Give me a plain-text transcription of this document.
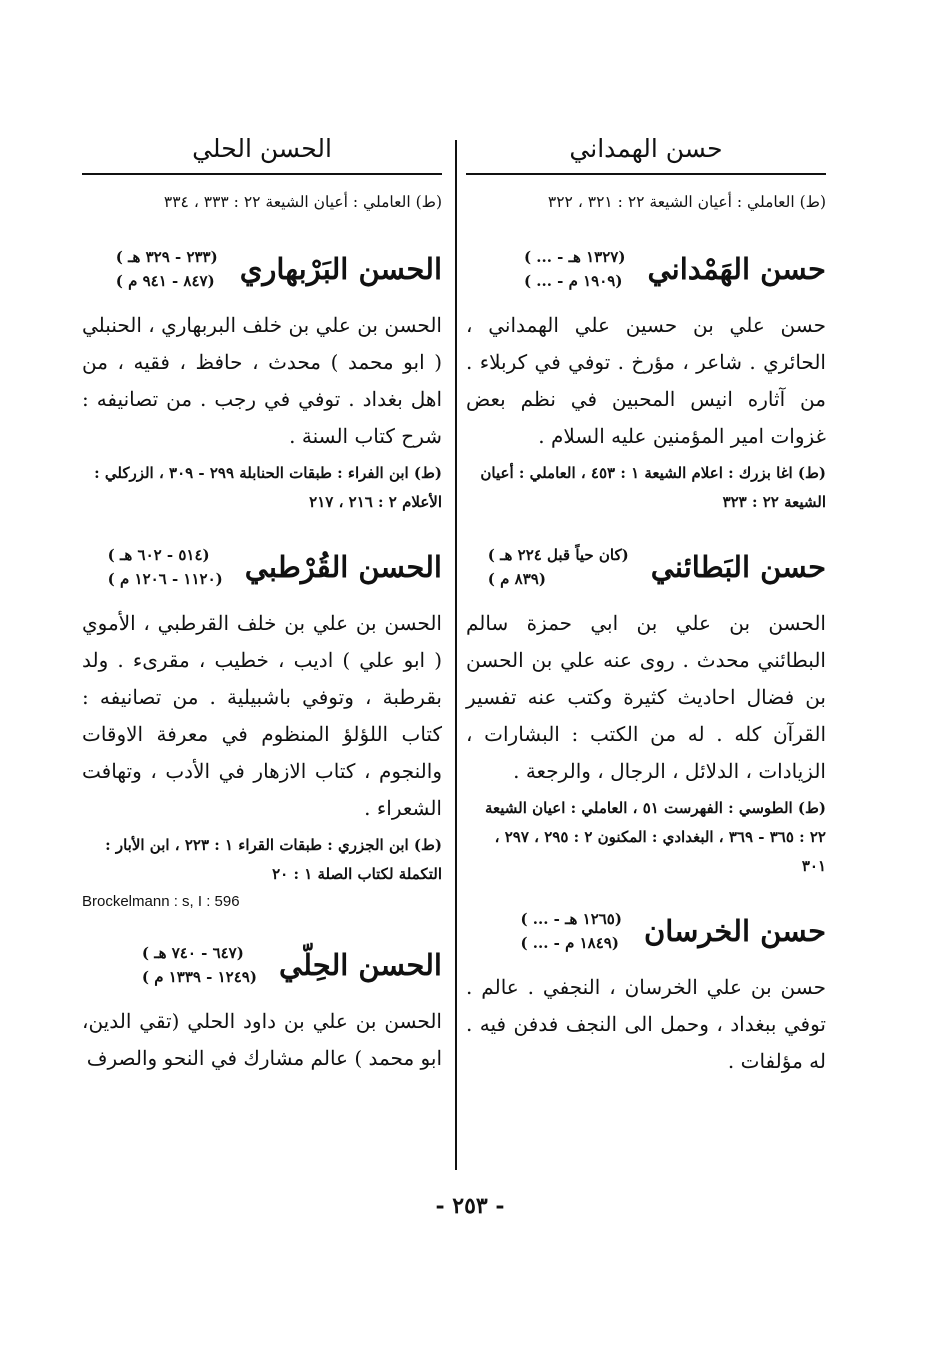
حسن الهمداني

(ط) العاملي : أعيان الشيعة ٢٢ : ٣٢١ ، ٣٢٢

حسن الهَمْداني
( ... - ١٣٢٧ هـ)
( ... - ١٩٠٩ م)

حسن علي بن حسين علي الهمداني ، الحائري . شاعر ، مؤرخ . توفي في كربلاء . من آثاره انيس المحبين في نظم بعض غزوات امير المؤمنين عليه السلام .

(ط) اغا بزرك : اعلام الشيعة ١ : ٤٥٣ ، العاملي : أعيان الشيعة ٢٢ : ٣٢٣

حسن البَطائني
( كان حياً قبل ٢٢٤ هـ)
( ٨٣٩ م)

الحسن بن علي بن ابي حمزة سالم البطائني محدث . روى عنه علي بن الحسن بن فضال احاديث كثيرة وكتب عنه تفسير القرآن كله . له من الكتب : البشارات ، الزيادات ، الدلائل ، الرجال ، والرجعة .

(ط) الطوسي : الفهرست ٥١ ، العاملي : اعيان الشيعة ٢٢ : ٣٦٥ - ٣٦٩ ، البغدادي : المكنون ٢ : ٢٩٥ ، ٢٩٧ ، ٣٠١

حسن الخرسان
( ... - ١٢٦٥ هـ)
( ... - ١٨٤٩ م)

حسن بن علي الخرسان ، النجفي . عالم . توفي ببغداد ، وحمل الى النجف فدفن فيه . له مؤلفات .

الحسن الحلي

(ط) العاملي : أعيان الشيعة ٢٢ : ٣٣٣ ، ٣٣٤

الحسن البَرْبهاري
( ٢٣٣ - ٣٢٩ هـ)
( ٨٤٧ - ٩٤١ م)

الحسن بن علي بن خلف البربهاري ، الحنبلي ( ابو محمد ) محدث ، حافظ ، فقيه ، من اهل بغداد . توفي في رجب . من تصانيفه : شرح كتاب السنة .

(ط) ابن الفراء : طبقات الحنابلة ٢٩٩ - ٣٠٩ ، الزركلي : الأعلام ٢ : ٢١٦ ، ٢١٧

الحسن القُرْطبي
( ٥١٤ - ٦٠٢ هـ)
( ١١٢٠ - ١٢٠٦ م)

الحسن بن علي بن خلف القرطبي ، الأموي ( ابو علي ) اديب ، خطيب ، مقرىء . ولد بقرطبة ، وتوفي باشبيلية . من تصانيفه : كتاب اللؤلؤ المنظوم في معرفة الاوقات والنجوم ، كتاب الازهار في الأدب ، وتهافت الشعراء .

(ط) ابن الجزري : طبقات القراء ١ : ٢٢٣ ، ابن الأبار : التكملة لكتاب الصلة ١ : ٢٠

Brockelmann : s, I : 596

الحسن الحِلّي
( ٦٤٧ - ٧٤٠ هـ)
( ١٢٤٩ - ١٣٣٩ م)

الحسن بن علي بن داود الحلي (تقي الدين، ابو محمد ) عالم مشارك في النحو والصرف

- ٢٥٣ -
